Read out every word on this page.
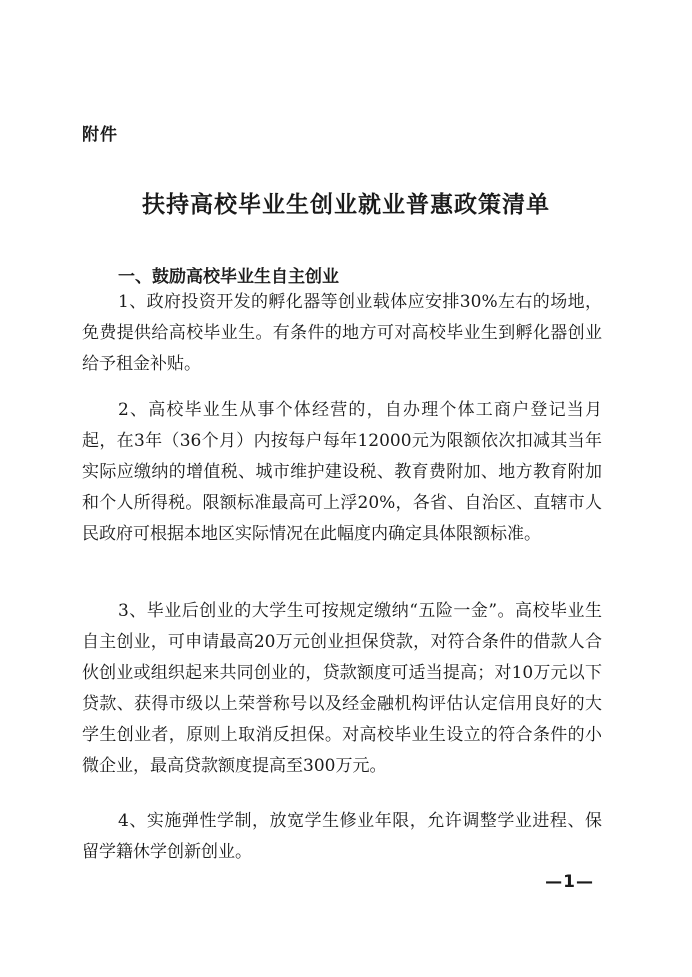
附件
扶持高校毕业生创业就业普惠政策清单
一、鼓励高校毕业生自主创业

1、政府投资开发的孵化器等创业载体应安排30%左右的场地，免费提供给高校毕业生。有条件的地方可对高校毕业生到孵化器创业给予租金补贴。

2、高校毕业生从事个体经营的，自办理个体工商户登记当月起，在3年（36个月）内按每户每年12000元为限额依次扣减其当年实际应缴纳的增值税、城市维护建设税、教育费附加、地方教育附加和个人所得税。限额标准最高可上浮20%，各省、自治区、直辖市人民政府可根据本地区实际情况在此幅度内确定具体限额标准。

3、毕业后创业的大学生可按规定缴纳“五险一金”。高校毕业生自主创业，可申请最高20万元创业担保贷款，对符合条件的借款人合伙创业或组织起来共同创业的，贷款额度可适当提高；对10万元以下贷款、获得市级以上荣誉称号以及经金融机构评估认定信用良好的大学生创业者，原则上取消反担保。对高校毕业生设立的符合条件的小微企业，最高贷款额度提高至300万元。

4、实施弹性学制，放宽学生修业年限，允许调整学业进程、保留学籍休学创新创业。

—1—
